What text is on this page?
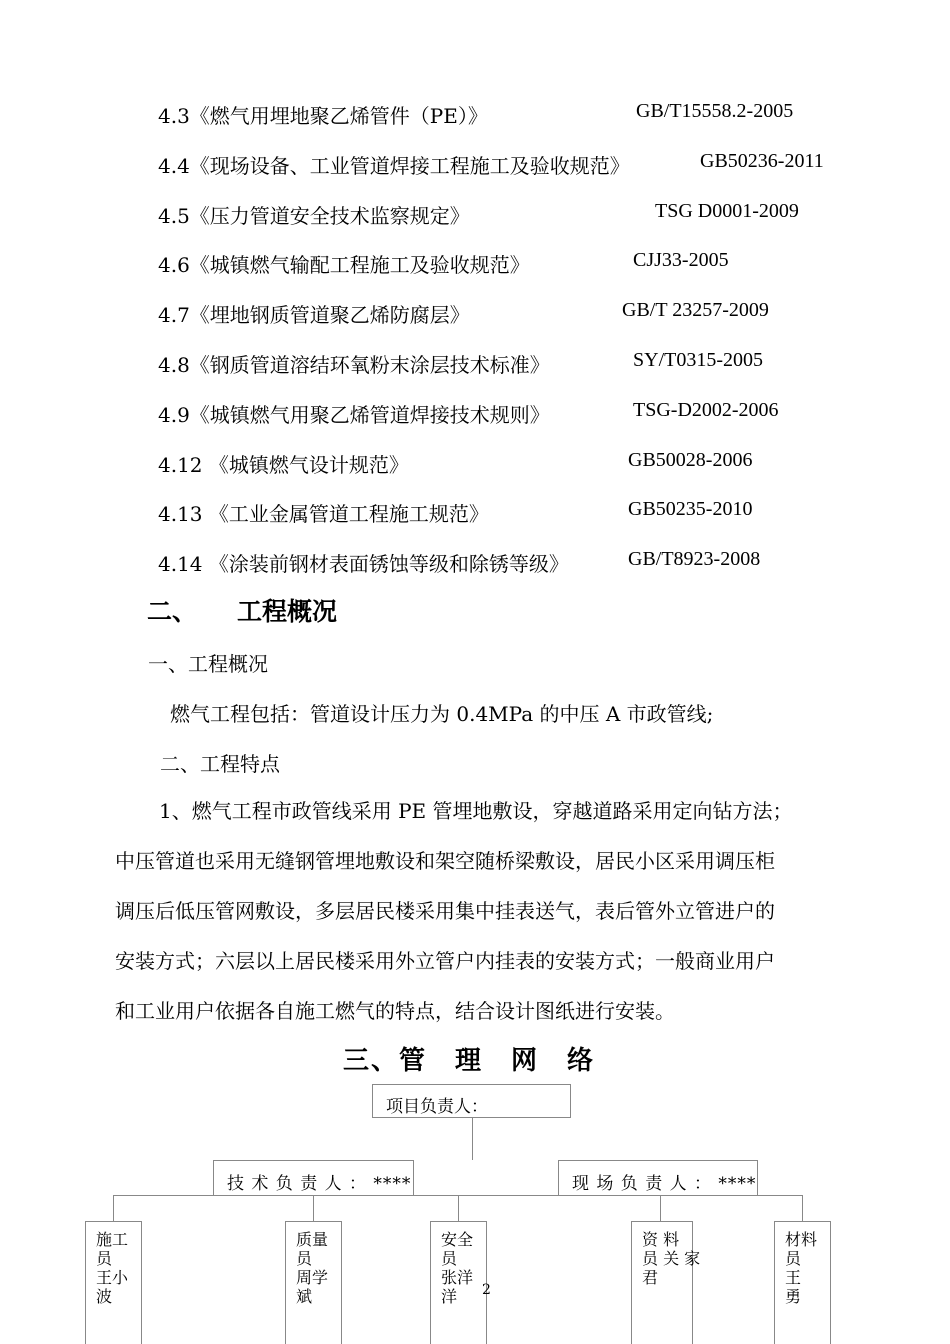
4.3《燃气用埋地聚乙烯管件（PE）》	GB/T15558.2-2005
4.4《现场设备、工业管道焊接工程施工及验收规范》	GB50236-2011
4.5《压力管道安全技术监察规定》	TSG D0001-2009
4.6《城镇燃气输配工程施工及验收规范》	CJJ33-2005
4.7《埋地钢质管道聚乙烯防腐层》	GB/T 23257-2009
4.8《钢质管道溶结环氧粉末涂层技术标准》	SY/T0315-2005
4.9《城镇燃气用聚乙烯管道焊接技术规则》	TSG-D2002-2006
4.12 《城镇燃气设计规范》	GB50028-2006
4.13 《工业金属管道工程施工规范》	GB50235-2010
4.14 《涂装前钢材表面锈蚀等级和除锈等级》	GB/T8923-2008
二、 工程概况
一、工程概况
燃气工程包括：管道设计压力为 0.4MPa 的中压 A 市政管线;
二、工程特点
1、燃气工程市政管线采用 PE 管埋地敷设，穿越道路采用定向钻方法；
中压管道也采用无缝钢管埋地敷设和架空随桥梁敷设，居民小区采用调压柜
调压后低压管网敷设，多层居民楼采用集中挂表送气，表后管外立管进户的
安装方式；六层以上居民楼采用外立管户内挂表的安装方式；一般商业用户
和工业用户依据各自施工燃气的特点，结合设计图纸进行安装。
三、管　理　网　络
项目负责人：
技 术 负 责 人 ： ****	现 场 负 责 人 ： ****
施工
员
王小
波
质量
员
周学
斌
安全
员
张洋
洋
资 料
员 关 家
君
材料
员
王
勇
2
